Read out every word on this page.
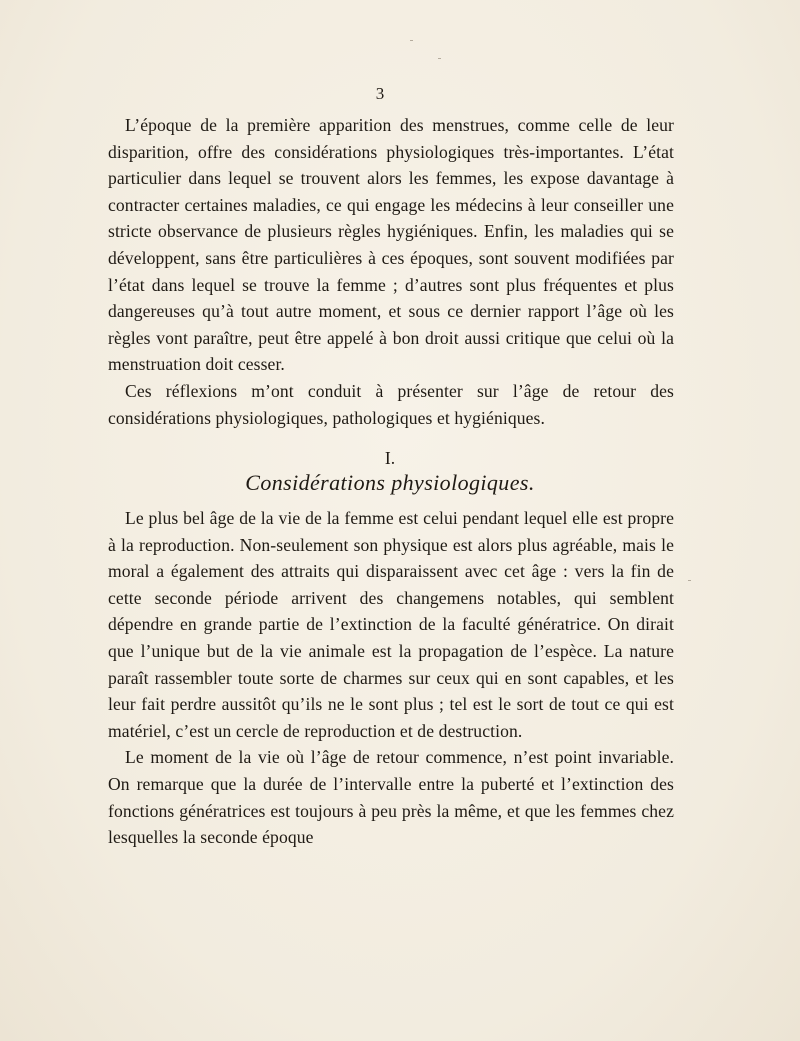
3

L’époque de la première apparition des menstrues, comme celle de leur disparition, offre des considérations physiologiques très-importantes. L’état particulier dans lequel se trouvent alors les femmes, les expose davantage à contracter certaines maladies, ce qui engage les médecins à leur conseiller une stricte observance de plusieurs règles hygiéniques. Enfin, les maladies qui se développent, sans être particulières à ces époques, sont souvent modifiées par l’état dans lequel se trouve la femme ; d’autres sont plus fréquentes et plus dangereuses qu’à tout autre moment, et sous ce dernier rapport l’âge où les règles vont paraître, peut être appelé à bon droit aussi critique que celui où la menstruation doit cesser.

Ces réflexions m’ont conduit à présenter sur l’âge de retour des considérations physiologiques, pathologiques et hygiéniques.

I.
Considérations physiologiques.

Le plus bel âge de la vie de la femme est celui pendant lequel elle est propre à la reproduction. Non-seulement son physique est alors plus agréable, mais le moral a également des attraits qui disparaissent avec cet âge : vers la fin de cette seconde période arrivent des changemens notables, qui semblent dépendre en grande partie de l’extinction de la faculté génératrice. On dirait que l’unique but de la vie animale est la propagation de l’espèce. La nature paraît rassembler toute sorte de charmes sur ceux qui en sont capables, et les leur fait perdre aussitôt qu’ils ne le sont plus ; tel est le sort de tout ce qui est matériel, c’est un cercle de reproduction et de destruction.

Le moment de la vie où l’âge de retour commence, n’est point invariable. On remarque que la durée de l’intervalle entre la puberté et l’extinction des fonctions génératrices est toujours à peu près la même, et que les femmes chez lesquelles la seconde époque
